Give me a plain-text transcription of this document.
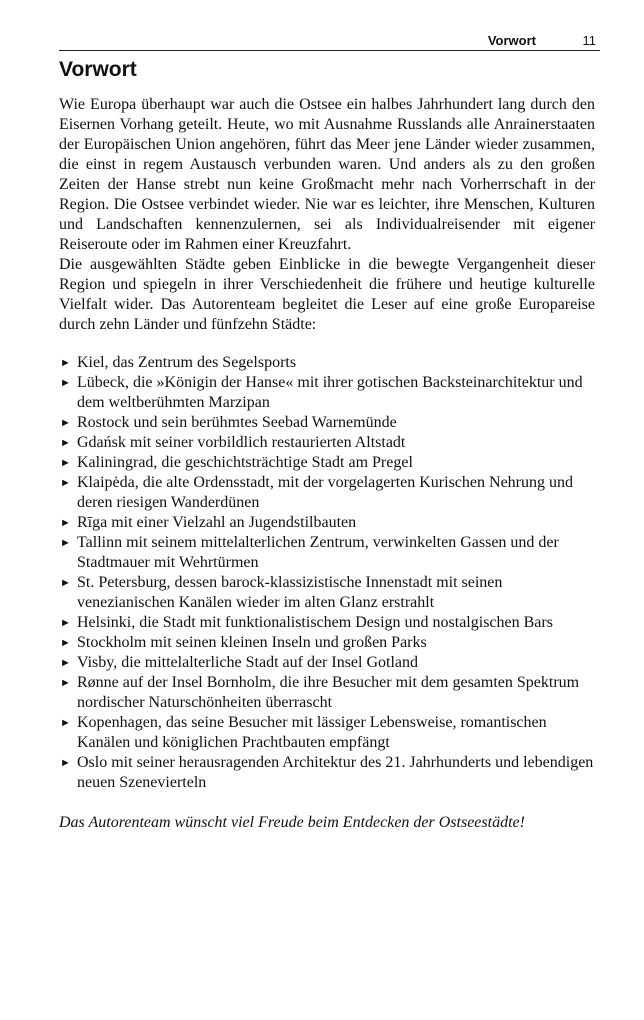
Vorwort	11
Vorwort

Wie Europa überhaupt war auch die Ostsee ein halbes Jahrhundert lang durch den Eisernen Vorhang geteilt. Heute, wo mit Ausnahme Russlands alle Anrainerstaaten der Europäischen Union angehören, führt das Meer jene Länder wieder zusammen, die einst in regem Austausch verbunden waren. Und anders als zu den großen Zeiten der Hanse strebt nun keine Großmacht mehr nach Vorherrschaft in der Region. Die Ostsee verbindet wieder. Nie war es leichter, ihre Menschen, Kulturen und Landschaften kennenzulernen, sei als Individualreisender mit eigener Reiseroute oder im Rahmen einer Kreuzfahrt.

Die ausgewählten Städte geben Einblicke in die bewegte Vergangenheit dieser Region und spiegeln in ihrer Verschiedenheit die frühere und heutige kulturelle Vielfalt wider. Das Autorenteam begleitet die Leser auf eine große Europareise durch zehn Länder und fünfzehn Städte:

► Kiel, das Zentrum des Segelsports
► Lübeck, die »Königin der Hanse« mit ihrer gotischen Backsteinarchitektur und dem weltberühmten Marzipan
► Rostock und sein berühmtes Seebad Warnemünde
► Gdańsk mit seiner vorbildlich restaurierten Altstadt
► Kaliningrad, die geschichtsträchtige Stadt am Pregel
► Klaipėda, die alte Ordensstadt, mit der vorgelagerten Kurischen Nehrung und deren riesigen Wanderdünen
► Rīga mit einer Vielzahl an Jugendstilbauten
► Tallinn mit seinem mittelalterlichen Zentrum, verwinkelten Gassen und der Stadtmauer mit Wehrtürmen
► St. Petersburg, dessen barock-klassizistische Innenstadt mit seinen venezianischen Kanälen wieder im alten Glanz erstrahlt
► Helsinki, die Stadt mit funktionalistischem Design und nostalgischen Bars
► Stockholm mit seinen kleinen Inseln und großen Parks
► Visby, die mittelalterliche Stadt auf der Insel Gotland
► Rønne auf der Insel Bornholm, die ihre Besucher mit dem gesamten Spektrum nordischer Naturschönheiten überrascht
► Kopenhagen, das seine Besucher mit lässiger Lebensweise, romantischen Kanälen und königlichen Prachtbauten empfängt
► Oslo mit seiner herausragenden Architektur des 21. Jahrhunderts und lebendigen neuen Szenevierteln

Das Autorenteam wünscht viel Freude beim Entdecken der Ostseestädte!
